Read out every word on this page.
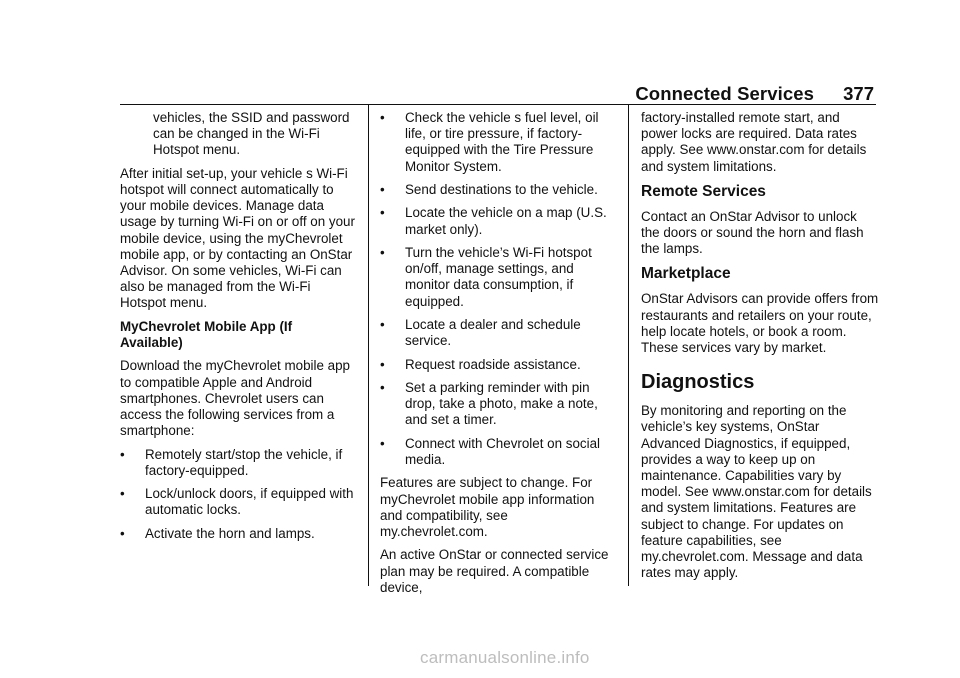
Connected Services 377

vehicles, the SSID and password can be changed in the Wi-Fi Hotspot menu.

After initial set-up, your vehicle s Wi-Fi hotspot will connect automatically to your mobile devices. Manage data usage by turning Wi-Fi on or off on your mobile device, using the myChevrolet mobile app, or by contacting an OnStar Advisor. On some vehicles, Wi-Fi can also be managed from the Wi-Fi Hotspot menu.

MyChevrolet Mobile App (If Available)

Download the myChevrolet mobile app to compatible Apple and Android smartphones. Chevrolet users can access the following services from a smartphone:

• Remotely start/stop the vehicle, if factory-equipped.
• Lock/unlock doors, if equipped with automatic locks.
• Activate the horn and lamps.
• Check the vehicle s fuel level, oil life, or tire pressure, if factory-equipped with the Tire Pressure Monitor System.
• Send destinations to the vehicle.
• Locate the vehicle on a map (U.S. market only).
• Turn the vehicle’s Wi-Fi hotspot on/off, manage settings, and monitor data consumption, if equipped.
• Locate a dealer and schedule service.
• Request roadside assistance.
• Set a parking reminder with pin drop, take a photo, make a note, and set a timer.
• Connect with Chevrolet on social media.

Features are subject to change. For myChevrolet mobile app information and compatibility, see my.chevrolet.com.

An active OnStar or connected service plan may be required. A compatible device,

factory-installed remote start, and power locks are required. Data rates apply. See www.onstar.com for details and system limitations.

Remote Services

Contact an OnStar Advisor to unlock the doors or sound the horn and flash the lamps.

Marketplace

OnStar Advisors can provide offers from restaurants and retailers on your route, help locate hotels, or book a room. These services vary by market.

Diagnostics

By monitoring and reporting on the vehicle’s key systems, OnStar Advanced Diagnostics, if equipped, provides a way to keep up on maintenance. Capabilities vary by model. See www.onstar.com for details and system limitations. Features are subject to change. For updates on feature capabilities, see my.chevrolet.com. Message and data rates may apply.

carmanualsonline.info
